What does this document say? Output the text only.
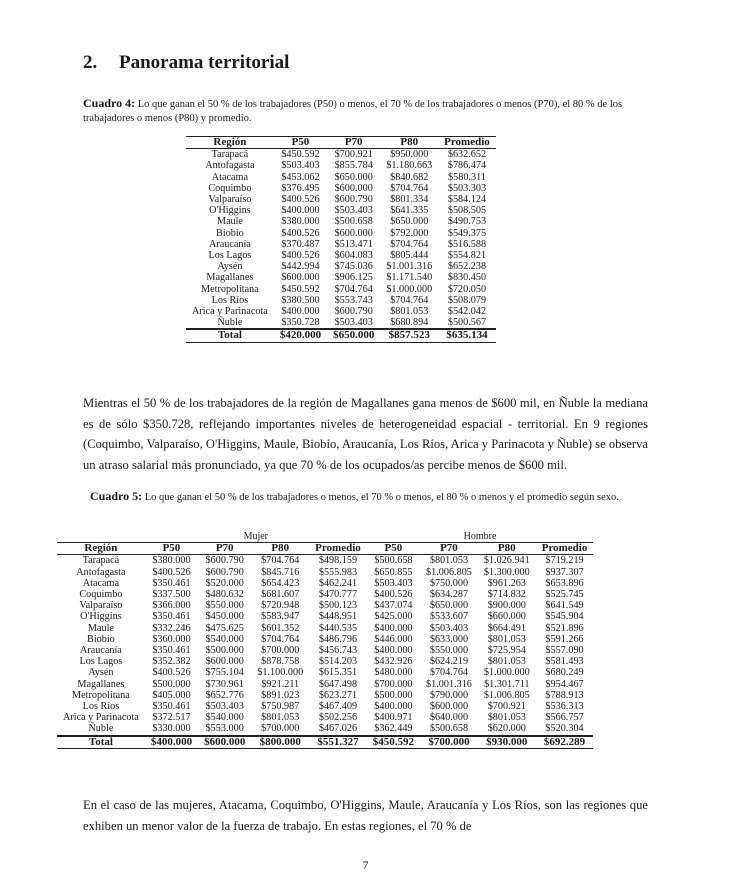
2. Panorama territorial
Cuadro 4: Lo que ganan el 50 % de los trabajadores (P50) o menos, el 70 % de los trabajadores o menos (P70), el 80 % de los trabajadores o menos (P80) y promedio.
Región	P50	P70	P80	Promedio
Tarapacá	$450.592	$700.921	$950.000	$632.652
Antofagasta	$503.403	$855.784	$1.180.663	$786.474
Atacama	$453.062	$650.000	$840.682	$580.311
Coquimbo	$376.495	$600.000	$704.764	$503.303
Valparaíso	$400.526	$600.790	$801.334	$584.124
O'Higgins	$400.000	$503.403	$641.335	$508.505
Maule	$380.000	$500.658	$650.000	$490.753
Biobio	$400.526	$600.000	$792.000	$549.375
Araucanía	$370.487	$513.471	$704.764	$516.588
Los Lagos	$400.526	$604.083	$805.444	$554.821
Aysén	$442.994	$745.036	$1.001.316	$652.238
Magallanes	$600.000	$906.125	$1.171.540	$830.450
Metropolitana	$450.592	$704.764	$1.000.000	$720.050
Los Ríos	$380.500	$553.743	$704.764	$508.079
Arica y Parinacota	$400.000	$600.790	$801.053	$542.042
Ñuble	$350.728	$503.403	$680.894	$500.567
Total	$420.000	$650.000	$857.523	$635.134

Mientras el 50 % de los trabajadores de la región de Magallanes gana menos de $600 mil, en Ñuble la mediana es de sólo $350.728, reflejando importantes niveles de heterogeneidad espacial - territorial. En 9 regiones (Coquimbo, Valparaíso, O'Higgins, Maule, Biobío, Araucanía, Los Ríos, Arica y Parinacota y Ñuble) se observa un atraso salarial más pronunciado, ya que 70 % de los ocupados/as percibe menos de $600 mil.

Cuadro 5: Lo que ganan el 50 % de los trabajadores o menos, el 70 % o menos, el 80 % o menos y el promedio según sexo.
	Mujer				Hombre			
Región	P50	P70	P80	Promedio	P50	P70	P80	Promedio
Tarapacá	$380.000	$600.790	$704.764	$498.159	$500.658	$801.053	$1.026.941	$719.219
Antofagasta	$400.526	$600.790	$845.716	$555.983	$650.855	$1.006.805	$1.300.000	$937.307
Atacama	$350.461	$520.000	$654.423	$462.241	$503.403	$750.000	$961.263	$653.896
Coquimbo	$337.500	$480.632	$681.607	$470.777	$400.526	$634.287	$714.832	$525.745
Valparaíso	$366.000	$550.000	$720.948	$500.123	$437.074	$650.000	$900.000	$641.549
O'Higgins	$350.461	$450.000	$583.947	$448.951	$425.000	$533.607	$660.000	$545.904
Maule	$332.246	$475.625	$601.352	$440.535	$400.000	$503.403	$664.491	$521.896
Biobio	$360.000	$540.000	$704.764	$486.796	$446.000	$633.000	$801.053	$591.266
Araucanía	$350.461	$500.000	$700.000	$456.743	$400.000	$550.000	$725.954	$557.090
Los Lagos	$352.382	$600.000	$878.758	$514.203	$432.926	$624.219	$801.053	$581.493
Aysén	$400.526	$755.104	$1.100.000	$615.351	$480.000	$704.764	$1.000.000	$680.249
Magallanes	$500.000	$730.961	$921.211	$647.498	$700.000	$1.001.316	$1.301.711	$954.467
Metropolitana	$405.000	$652.776	$891.023	$623.271	$500.000	$790.000	$1.006.805	$788.913
Los Ríos	$350.461	$503.403	$750.987	$467.409	$400.000	$600.000	$700.921	$536.313
Arica y Parinacota	$372.517	$540.000	$801.053	$502.256	$400.971	$640.000	$801.053	$566.757
Ñuble	$330.000	$553.000	$700.000	$467.026	$362.449	$500.658	$620.000	$520.304
Total	$400.000	$600.000	$800.000	$551.327	$450.592	$700.000	$930.000	$692.289

En el caso de las mujeres, Atacama, Coquimbo, O'Higgins, Maule, Araucanía y Los Ríos, son las regiones que exhiben un menor valor de la fuerza de trabajo. En estas regiones, el 70 % de

7
